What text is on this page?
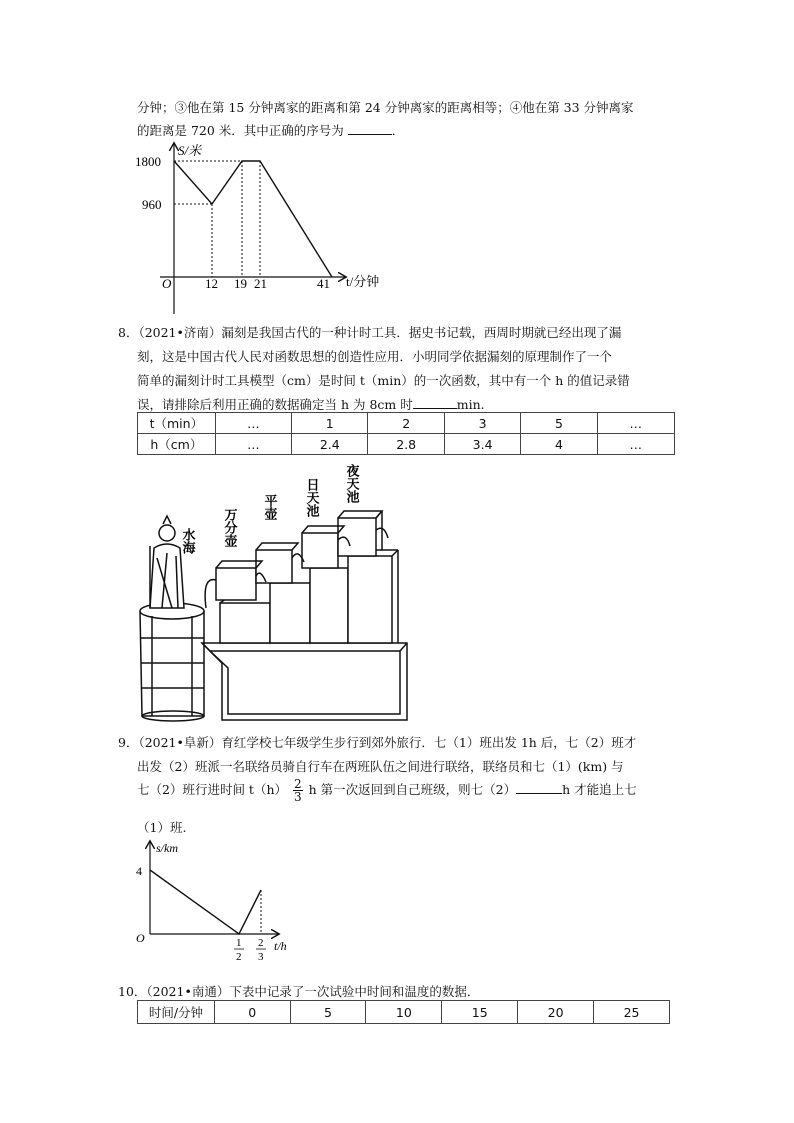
分钟；③他在第 15 分钟离家的距离和第 24 分钟离家的距离相等；④他在第 33 分钟离家
的距离是 720 米．其中正确的序号为	．
S/米
t/分钟
O
1800
960
12 19 21	41
8．（2021•济南）漏刻是我国古代的一种计时工具．据史书记载，西周时期就已经出现了漏
刻，这是中国古代人民对函数思想的创造性应用．小明同学依据漏刻的原理制作了一个
简单的漏刻计时工具模型（cm）是时间 t（min）的一次函数，其中有一个 h 的值记录错
误，请排除后利用正确的数据确定当 h 为 8cm 时	min.
t（min）	…	1	2	3	5	…
h（cm）	…	2.4	2.8	3.4	4	…
水海 万分壶
平壶 日天池 夜天池
9．（2021•阜新）育红学校七年级学生步行到郊外旅行．七（1）班出发 1h 后，七（2）班才
出发（2）班派一名联络员骑自行车在两班队伍之间进行联络，联络员和七（1）(km) 与
七（2）班行进时间 $t(h) \frac{2}{3}$ h 第一次返回到自己班级，则七（2）	h 才能追上七
（1）班.
s/km
t/h
O
4
1
2
2
3
10．（2021•南通）下表中记录了一次试验中时间和温度的数据．
时间/分钟	0	5	10	15	20	25
